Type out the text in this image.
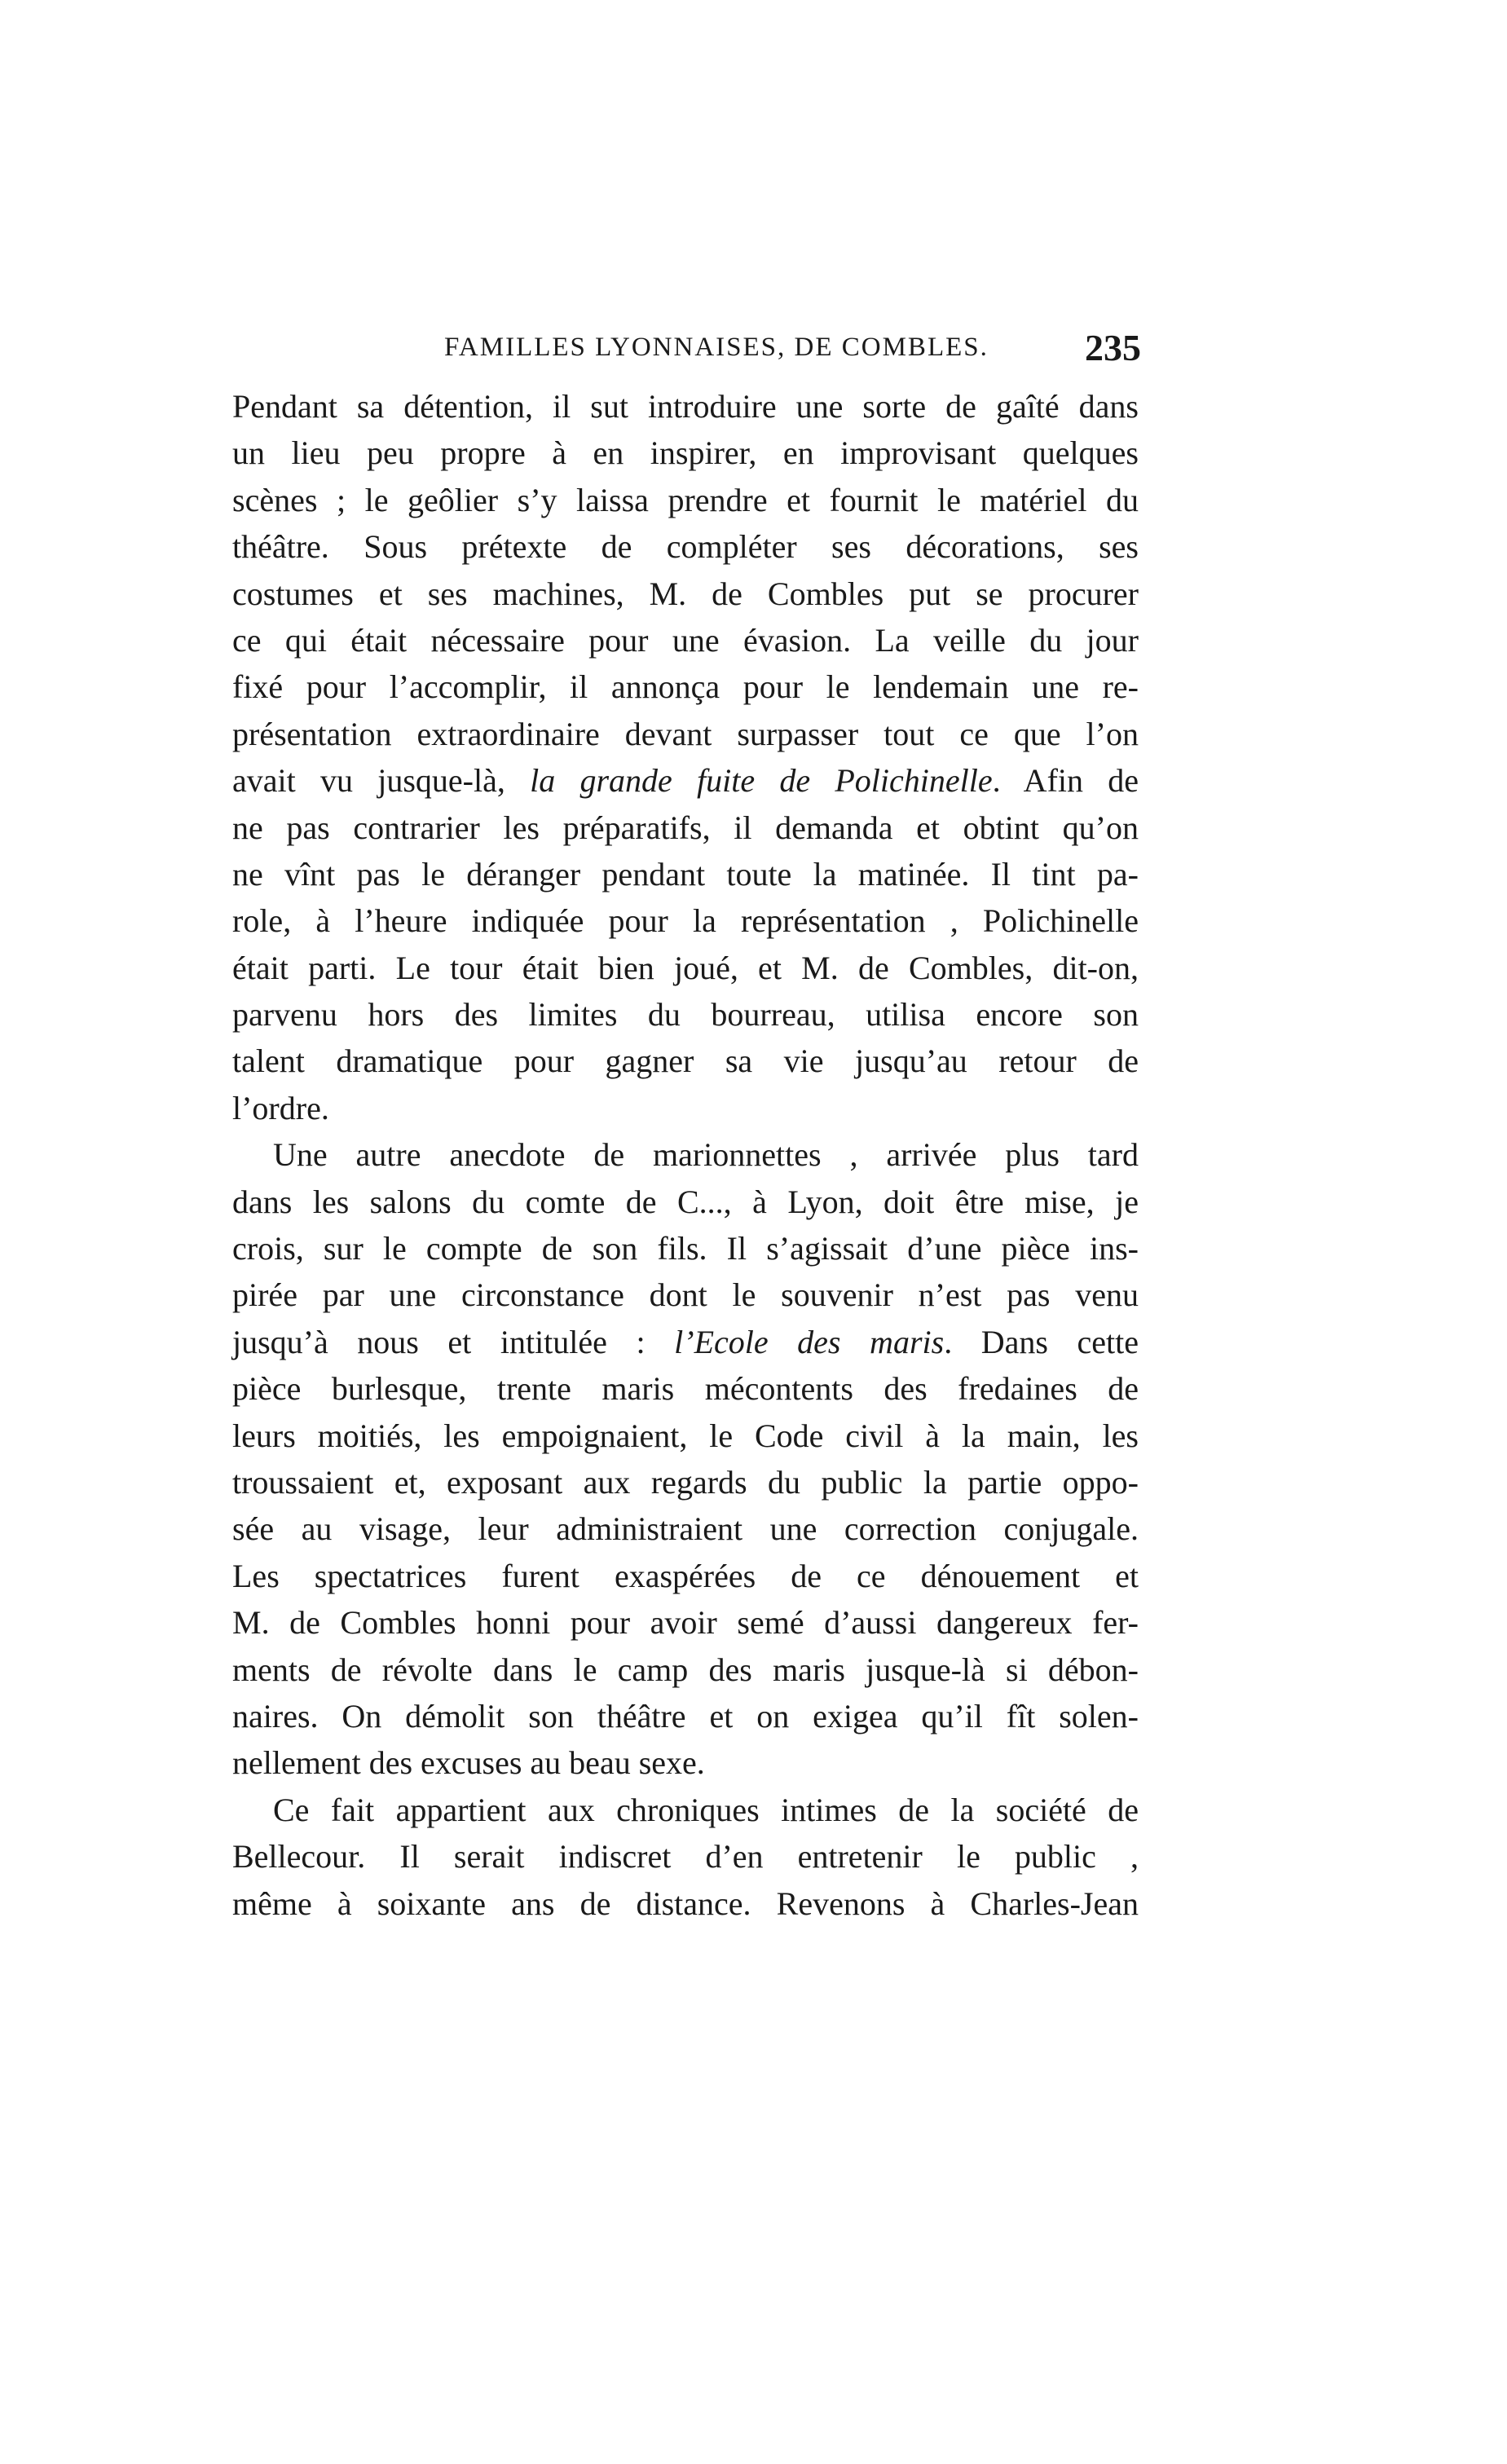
FAMILLES LYONNAISES, DE COMBLES.	235
Pendant sa détention, il sut introduire une sorte de gaîté dans
un lieu peu propre à en inspirer, en improvisant quelques
scènes ; le geôlier s’y laissa prendre et fournit le matériel du
théâtre. Sous prétexte de compléter ses décorations, ses
costumes et ses machines, M. de Combles put se procurer
ce qui était nécessaire pour une évasion. La veille du jour
fixé pour l’accomplir, il annonça pour le lendemain une re-
présentation extraordinaire devant surpasser tout ce que l’on
avait vu jusque-là, la grande fuite de Polichinelle. Afin de
ne pas contrarier les préparatifs, il demanda et obtint qu’on
ne vînt pas le déranger pendant toute la matinée. Il tint pa-
role, à l’heure indiquée pour la représentation , Polichinelle
était parti. Le tour était bien joué, et M. de Combles, dit-on,
parvenu hors des limites du bourreau, utilisa encore son
talent dramatique pour gagner sa vie jusqu’au retour de
l’ordre.
Une autre anecdote de marionnettes , arrivée plus tard
dans les salons du comte de C..., à Lyon, doit être mise, je
crois, sur le compte de son fils. Il s’agissait d’une pièce ins-
pirée par une circonstance dont le souvenir n’est pas venu
jusqu’à nous et intitulée : l’Ecole des maris. Dans cette
pièce burlesque, trente maris mécontents des fredaines de
leurs moitiés, les empoignaient, le Code civil à la main, les
troussaient et, exposant aux regards du public la partie oppo-
sée au visage, leur administraient une correction conjugale.
Les spectatrices furent exaspérées de ce dénouement et
M. de Combles honni pour avoir semé d’aussi dangereux fer-
ments de révolte dans le camp des maris jusque-là si débon-
naires. On démolit son théâtre et on exigea qu’il fît solen-
nellement des excuses au beau sexe.
Ce fait appartient aux chroniques intimes de la société de
Bellecour. Il serait indiscret d’en entretenir le public ,
même à soixante ans de distance. Revenons à Charles-Jean
